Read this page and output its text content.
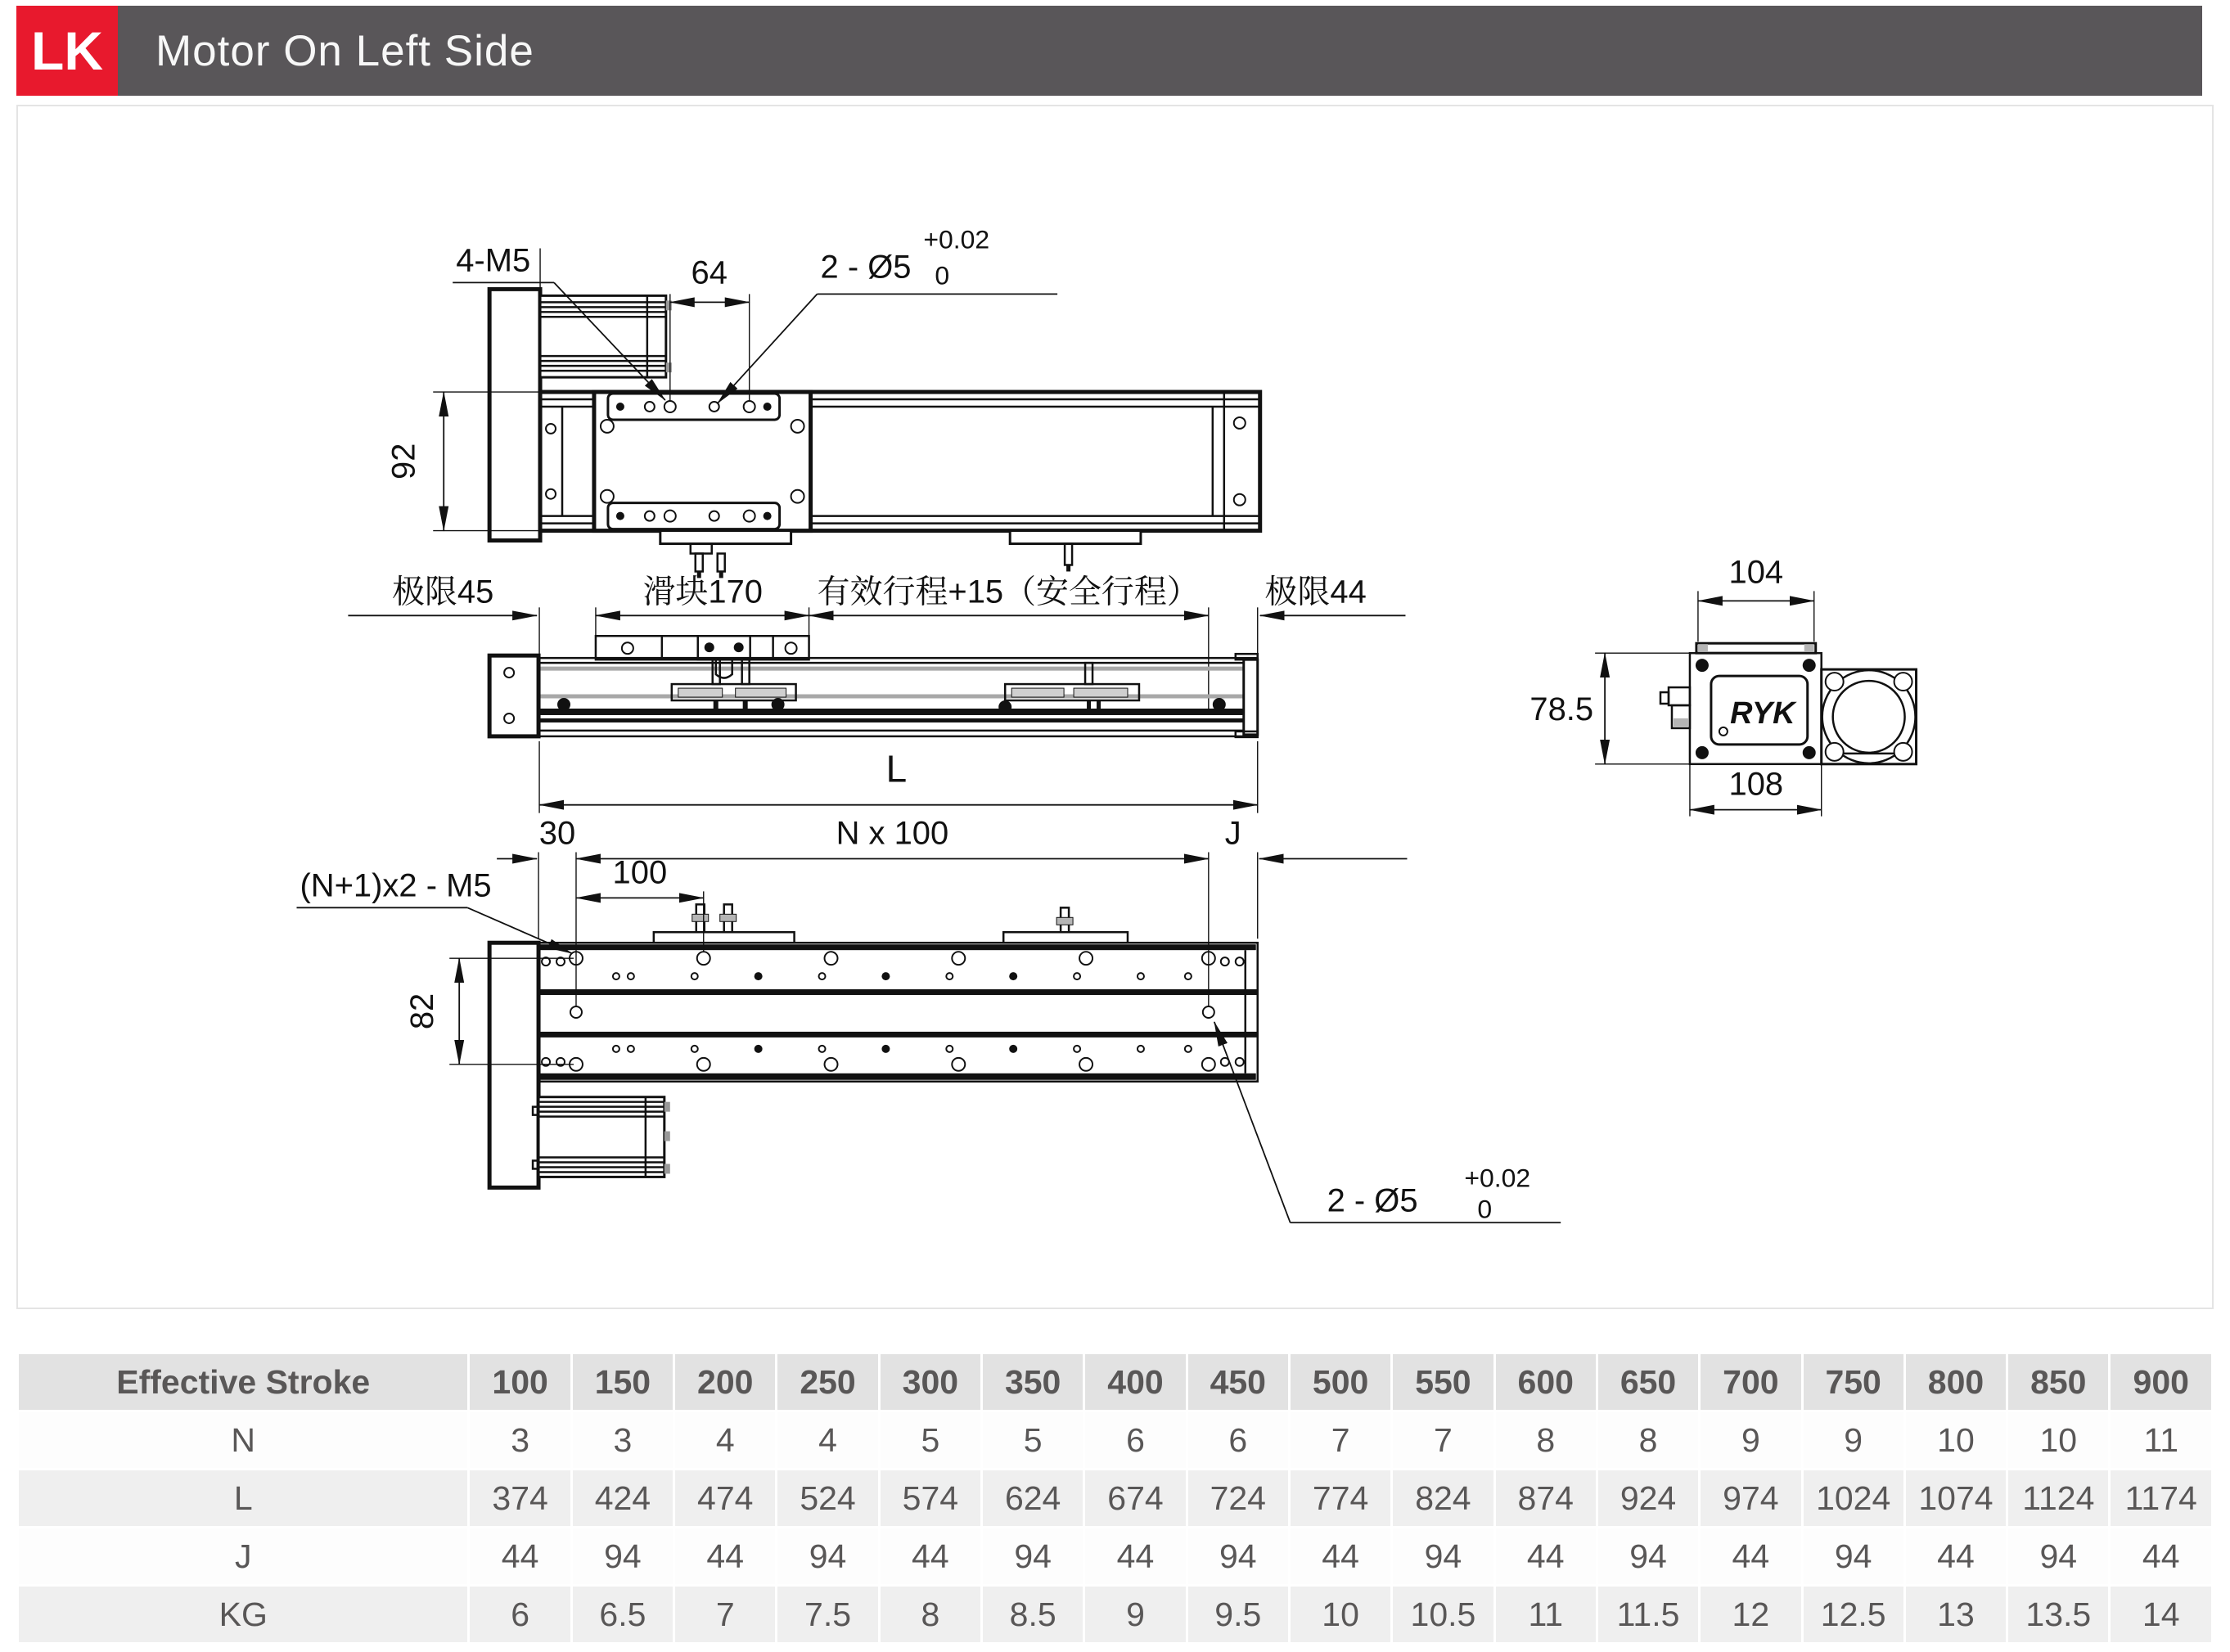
LK	Motor On Left Side
92
64
4-M5	2 - Ø5
+0.02
0
极限45	滑块170 有效行程+15（安全行程） 极限44
L
30	N x 100	J
100
82
(N+1)x2 - M5
2 - Ø5
+0.02
0
104
RYK
78.5
108
Effective Stroke	100	150	200	250	300	350	400	450	500	550	600	650	700	750	800	850	900
N	3	3	4	4	5	5	6	6	7	7	8	8	9	9	10	10	11
L	374	424	474	524	574	624	674	724	774	824	874	924	974	1024	1074	1124	1174
J	44	94	44	94	44	94	44	94	44	94	44	94	44	94	44	94	44
KG	6	6.5	7	7.5	8	8.5	9	9.5	10	10.5	11	11.5	12	12.5	13	13.5	14
